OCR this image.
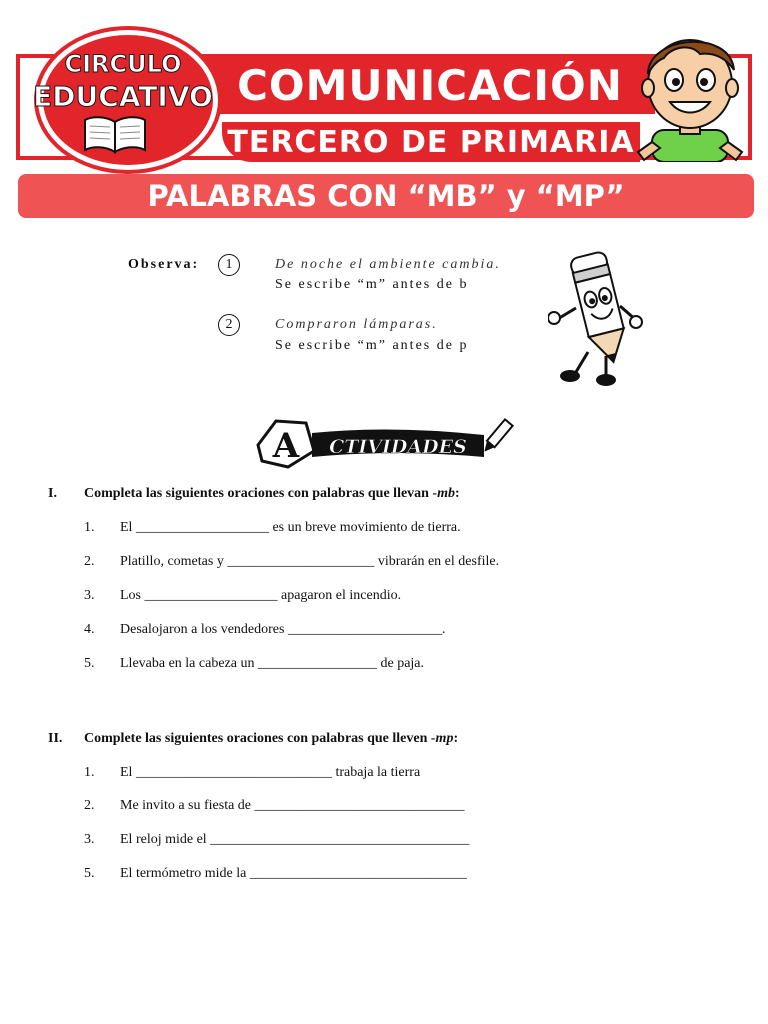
COMUNICACIÓN
TERCERO DE PRIMARIA
CIRCULO
EDUCATIVO
PALABRAS CON “MB” y “MP”
Observa:	1	De noche el ambiente cambia.
Se escribe “m” antes de b
2	Compraron lámparas.
Se escribe “m” antes de p
A CTIVIDADES
I. Completa las siguientes oraciones con palabras que llevan -mb:
1. El ___________________ es un breve movimiento de tierra.
2. Platillo, cometas y _____________________ vibrarán en el desfile.
3. Los ___________________ apagaron el incendio.
4. Desalojaron a los vendedores ______________________.
5. Llevaba en la cabeza un _________________ de paja.
II. Complete las siguientes oraciones con palabras que lleven -mp:
1. El ____________________________ trabaja la tierra
2. Me invito a su fiesta de ______________________________
3. El reloj mide el _____________________________________
5. El termómetro mide la _______________________________
